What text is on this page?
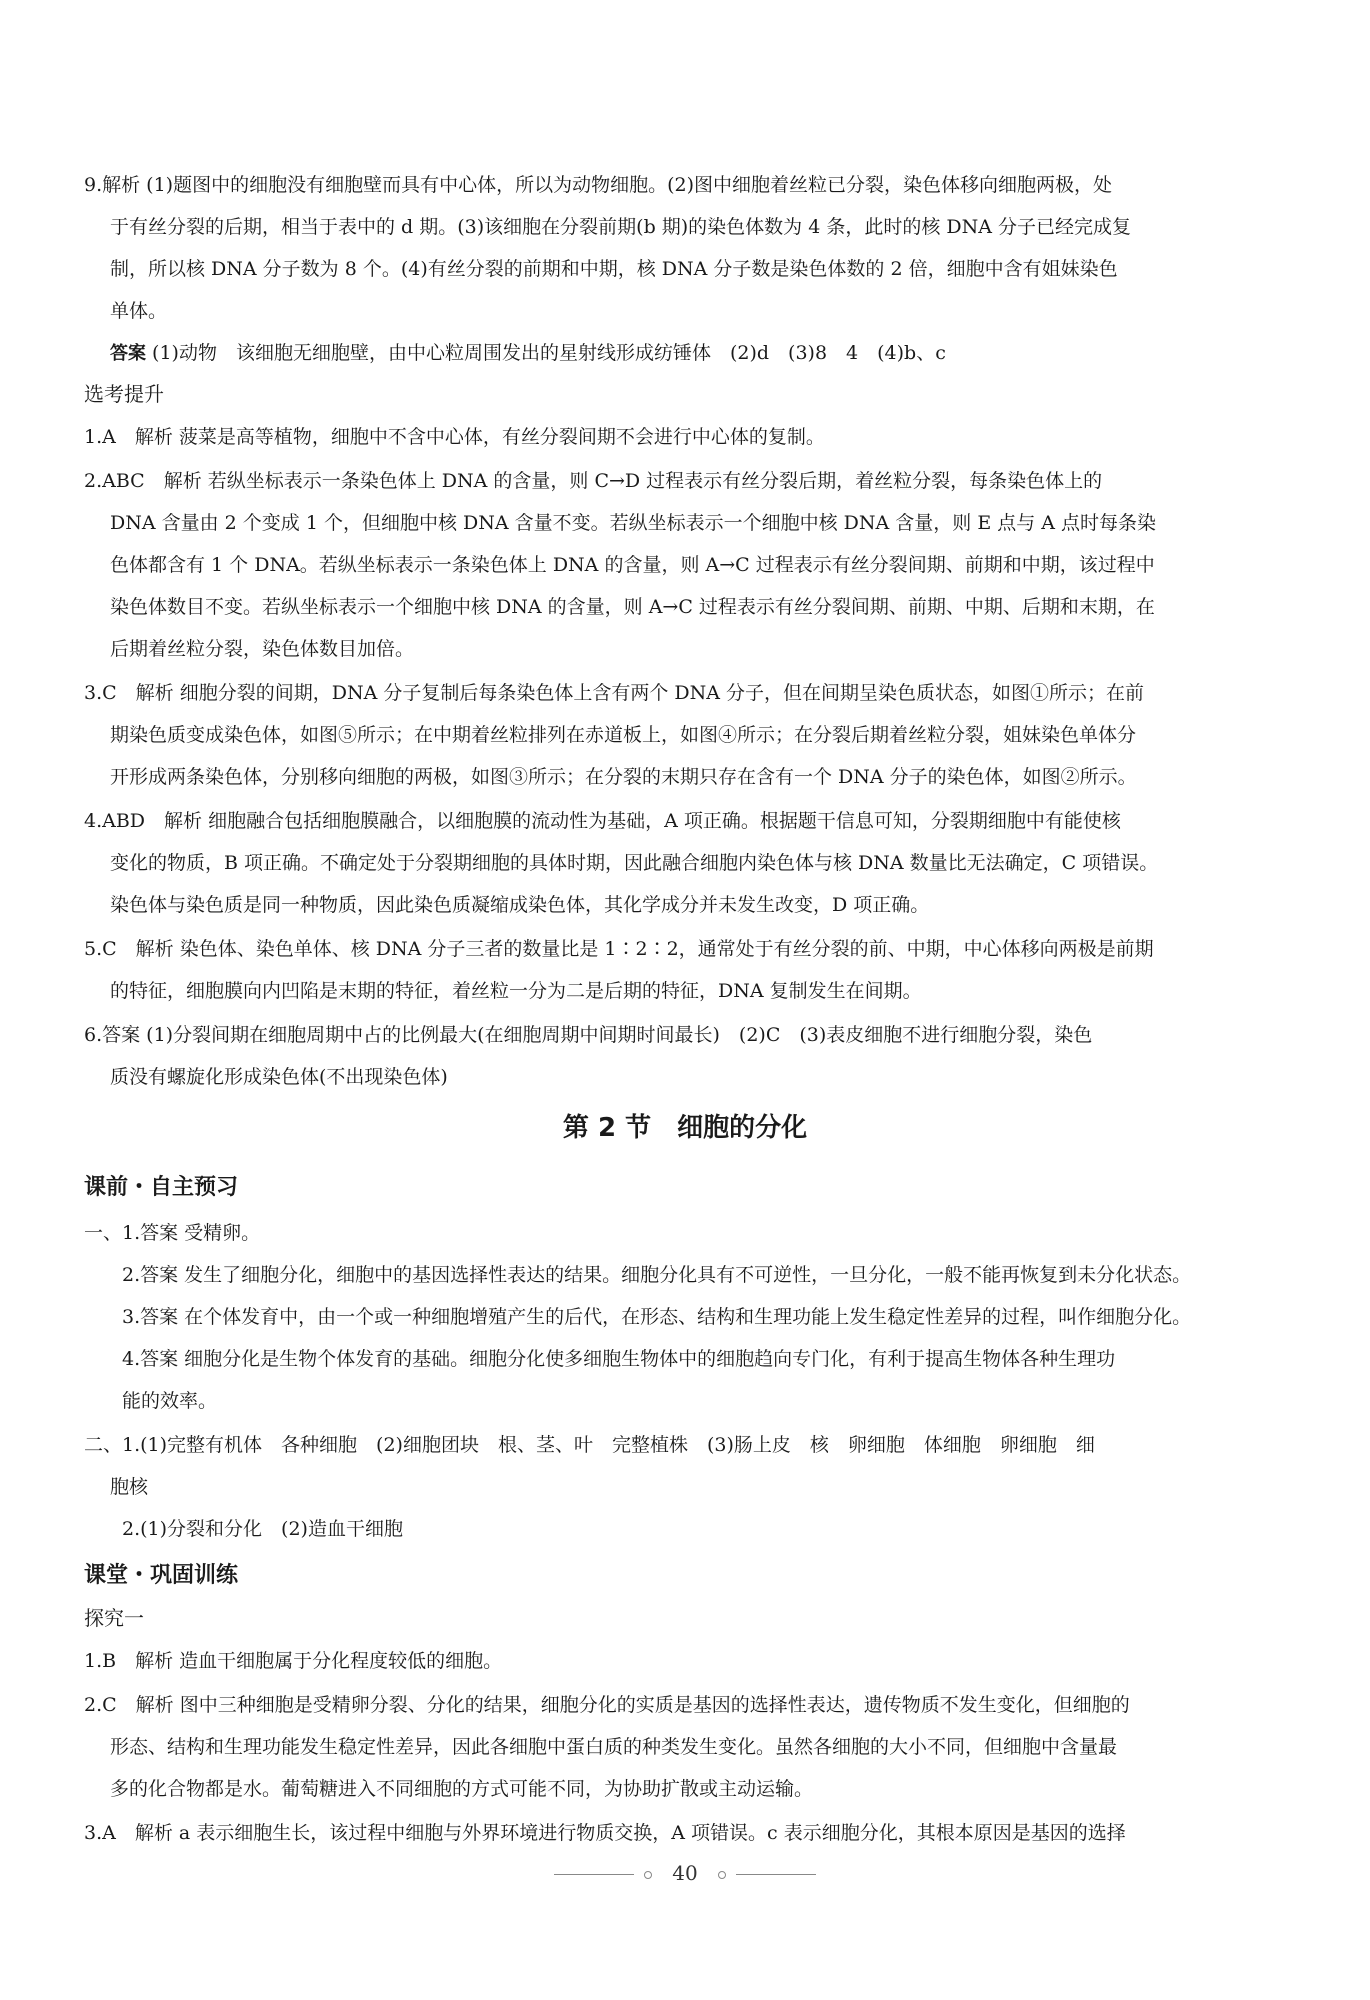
9.解析 (1)题图中的细胞没有细胞壁而具有中心体，所以为动物细胞。(2)图中细胞着丝粒已分裂，染色体移向细胞两极，处
于有丝分裂的后期，相当于表中的 d 期。(3)该细胞在分裂前期(b 期)的染色体数为 4 条，此时的核 DNA 分子已经完成复
制，所以核 DNA 分子数为 8 个。(4)有丝分裂的前期和中期，核 DNA 分子数是染色体数的 2 倍，细胞中含有姐妹染色
单体。
答案 (1)动物　该细胞无细胞壁，由中心粒周围发出的星射线形成纺锤体　(2)d　(3)8　4　(4)b、c
选考提升
1.A　解析 菠菜是高等植物，细胞中不含中心体，有丝分裂间期不会进行中心体的复制。
2.ABC　解析 若纵坐标表示一条染色体上 DNA 的含量，则 C→D 过程表示有丝分裂后期，着丝粒分裂，每条染色体上的
DNA 含量由 2 个变成 1 个，但细胞中核 DNA 含量不变。若纵坐标表示一个细胞中核 DNA 含量，则 E 点与 A 点时每条染
色体都含有 1 个 DNA。若纵坐标表示一条染色体上 DNA 的含量，则 A→C 过程表示有丝分裂间期、前期和中期，该过程中
染色体数目不变。若纵坐标表示一个细胞中核 DNA 的含量，则 A→C 过程表示有丝分裂间期、前期、中期、后期和末期，在
后期着丝粒分裂，染色体数目加倍。
3.C　解析 细胞分裂的间期，DNA 分子复制后每条染色体上含有两个 DNA 分子，但在间期呈染色质状态，如图①所示；在前
期染色质变成染色体，如图⑤所示；在中期着丝粒排列在赤道板上，如图④所示；在分裂后期着丝粒分裂，姐妹染色单体分
开形成两条染色体，分别移向细胞的两极，如图③所示；在分裂的末期只存在含有一个 DNA 分子的染色体，如图②所示。
4.ABD　解析 细胞融合包括细胞膜融合，以细胞膜的流动性为基础，A 项正确。根据题干信息可知，分裂期细胞中有能使核
变化的物质，B 项正确。不确定处于分裂期细胞的具体时期，因此融合细胞内染色体与核 DNA 数量比无法确定，C 项错误。
染色体与染色质是同一种物质，因此染色质凝缩成染色体，其化学成分并未发生改变，D 项正确。
5.C　解析 染色体、染色单体、核 DNA 分子三者的数量比是 1∶2∶2，通常处于有丝分裂的前、中期，中心体移向两极是前期
的特征，细胞膜向内凹陷是末期的特征，着丝粒一分为二是后期的特征，DNA 复制发生在间期。
6.答案 (1)分裂间期在细胞周期中占的比例最大(在细胞周期中间期时间最长)　(2)C　(3)表皮细胞不进行细胞分裂，染色
质没有螺旋化形成染色体(不出现染色体)
第 2 节　细胞的分化
课前・自主预习
一、1.答案 受精卵。
2.答案 发生了细胞分化，细胞中的基因选择性表达的结果。细胞分化具有不可逆性，一旦分化，一般不能再恢复到未分化状态。
3.答案 在个体发育中，由一个或一种细胞增殖产生的后代，在形态、结构和生理功能上发生稳定性差异的过程，叫作细胞分化。
4.答案 细胞分化是生物个体发育的基础。细胞分化使多细胞生物体中的细胞趋向专门化，有利于提高生物体各种生理功
能的效率。
二、1.(1)完整有机体　各种细胞　(2)细胞团块　根、茎、叶　完整植株　(3)肠上皮　核　卵细胞　体细胞　卵细胞　细
胞核
2.(1)分裂和分化　(2)造血干细胞
课堂・巩固训练
探究一
1.B　解析 造血干细胞属于分化程度较低的细胞。
2.C　解析 图中三种细胞是受精卵分裂、分化的结果，细胞分化的实质是基因的选择性表达，遗传物质不发生变化，但细胞的
形态、结构和生理功能发生稳定性差异，因此各细胞中蛋白质的种类发生变化。虽然各细胞的大小不同，但细胞中含量最
多的化合物都是水。葡萄糖进入不同细胞的方式可能不同，为协助扩散或主动运输。
3.A　解析 a 表示细胞生长，该过程中细胞与外界环境进行物质交换，A 项错误。c 表示细胞分化，其根本原因是基因的选择
40
